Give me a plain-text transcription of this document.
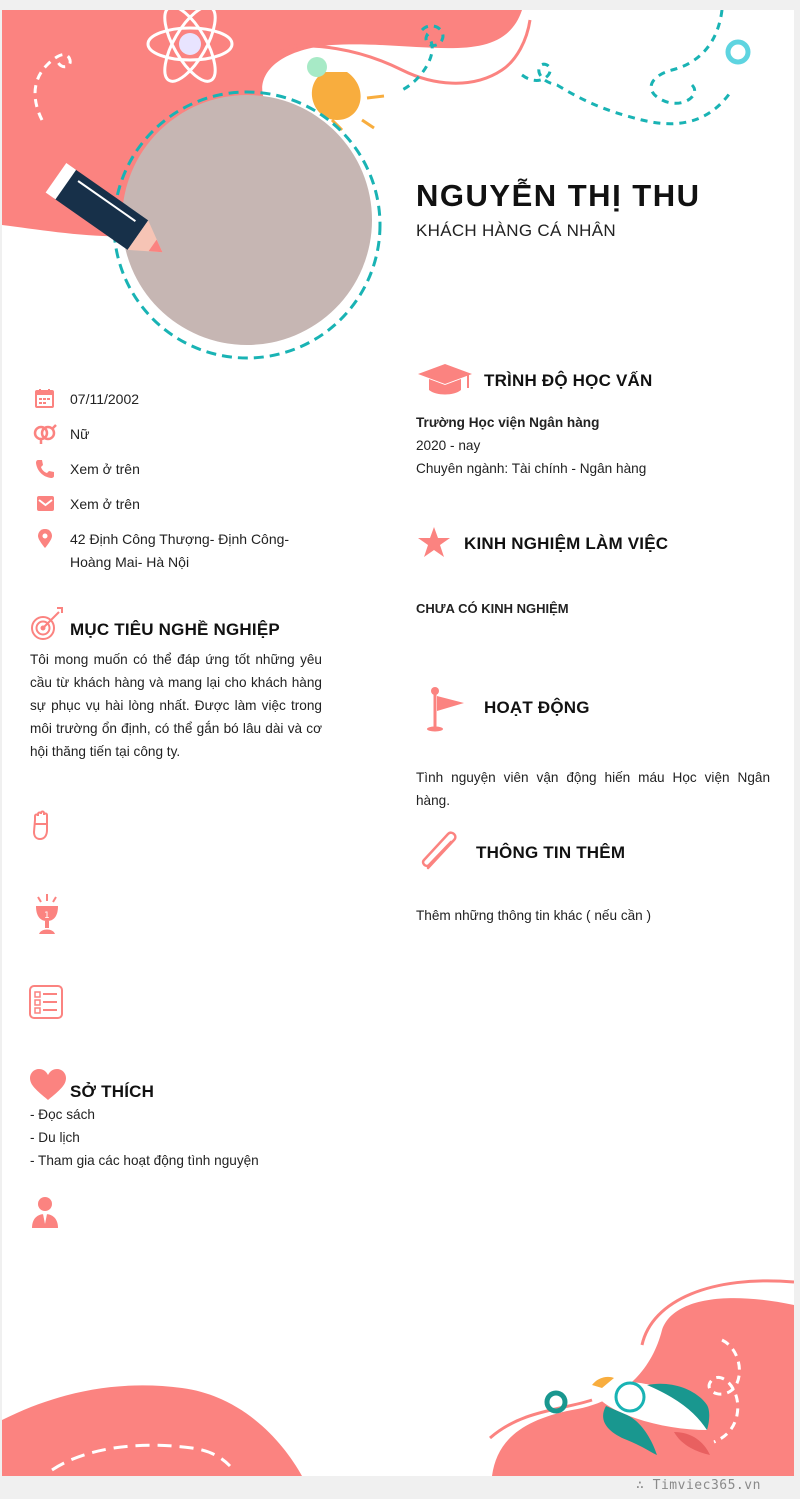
NGUYỄN THỊ THU
KHÁCH HÀNG CÁ NHÂN
07/11/2002
Nữ
Xem ở trên
Xem ở trên
42 Định Công Thượng- Định Công- Hoàng Mai- Hà Nội
MỤC TIÊU NGHỀ NGHIỆP
Tôi mong muốn có thể đáp ứng tốt những yêu cầu từ khách hàng và mang lại cho khách hàng sự phục vụ hài lòng nhất. Được làm việc trong môi trường ổn định, có thể gắn bó lâu dài và cơ hội thăng tiến tại công ty.
1
SỞ THÍCH
- Đọc sách
- Du lịch
- Tham gia các hoạt động tình nguyện
TRÌNH ĐỘ HỌC VẤN
Trường Học viện Ngân hàng
2020 - nay
Chuyên ngành: Tài chính - Ngân hàng
KINH NGHIỆM LÀM VIỆC
CHƯA CÓ KINH NGHIỆM
HOẠT ĐỘNG
Tình nguyện viên vận động hiến máu Học viện Ngân hàng.
THÔNG TIN THÊM
Thêm những thông tin khác ( nếu cần )
∴ Timviec365.vn
